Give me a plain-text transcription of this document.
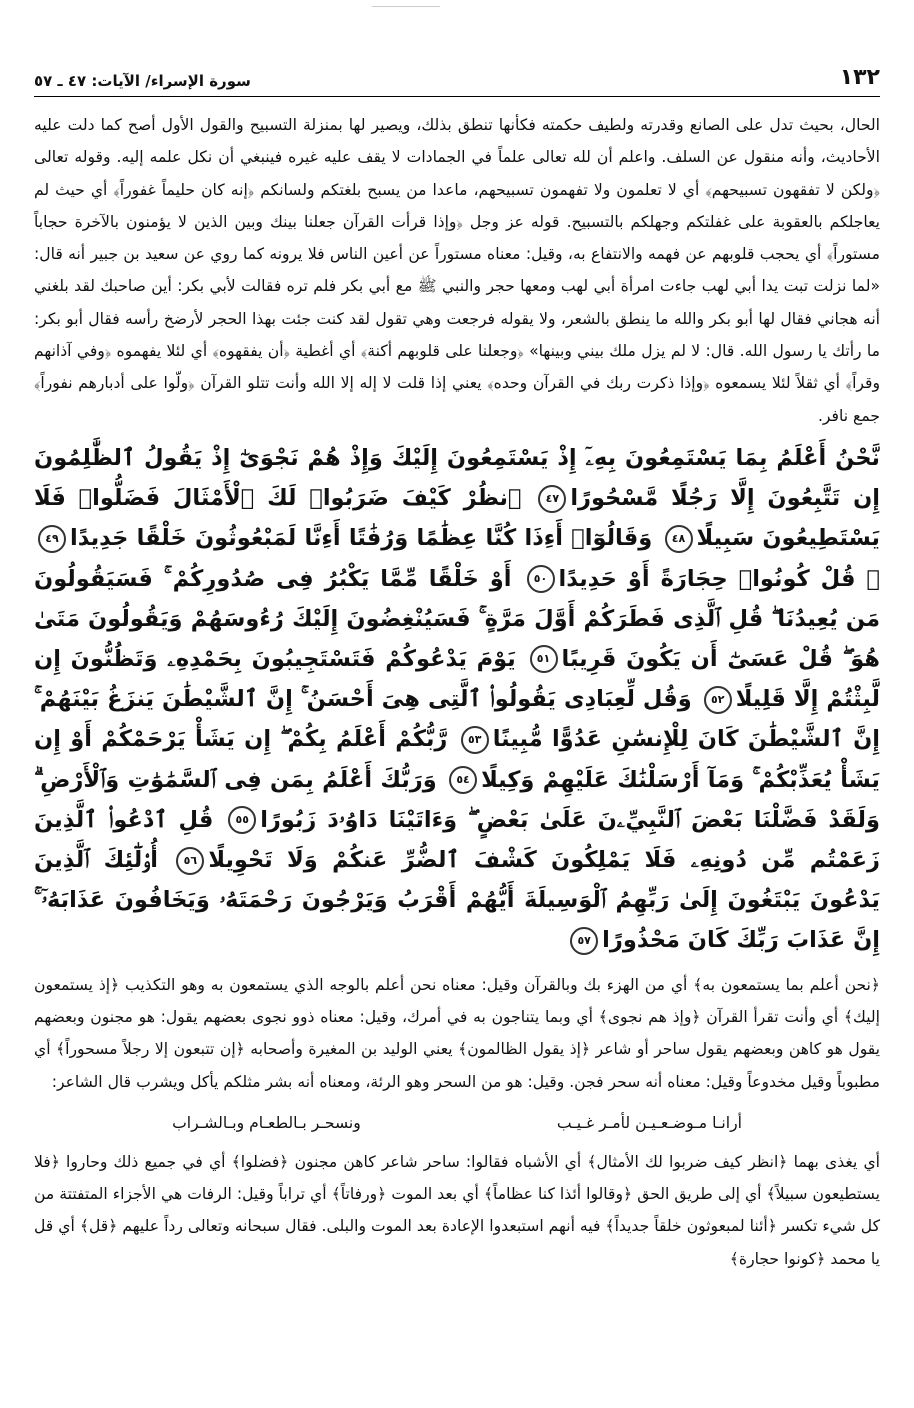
١٣٢
سورة الإسراء/ الآيات: ٤٧ ـ ٥٧

الحال، بحيث تدل على الصانع وقدرته ولطيف حكمته فكأنها تنطق بذلك، ويصير لها بمنزلة التسبيح والقول الأول أصح كما دلت عليه الأحاديث، وأنه منقول عن السلف. واعلم أن لله تعالى علماً في الجمادات لا يقف عليه غيره فينبغي أن نكل علمه إليه. وقوله تعالى ﴿ولكن لا تفقهون تسبيحهم﴾ أي لا تعلمون ولا تفهمون تسبيحهم، ماعدا من يسبح بلغتكم ولسانكم ﴿إنه كان حليماً غفوراً﴾ أي حيث لم يعاجلكم بالعقوبة على غفلتكم وجهلكم بالتسبيح. قوله عز وجل ﴿وإذا قرأت القرآن جعلنا بينك وبين الذين لا يؤمنون بالآخرة حجاباً مستوراً﴾ أي يحجب قلوبهم عن فهمه والانتفاع به، وقيل: معناه مستوراً عن أعين الناس فلا يرونه كما روي عن سعيد بن جبير أنه قال: «لما نزلت تبت يدا أبي لهب جاءت امرأة أبي لهب ومعها حجر والنبي ﷺ مع أبي بكر فلم تره فقالت لأبي بكر: أين صاحبك لقد بلغني أنه هجاني فقال لها أبو بكر والله ما ينطق بالشعر، ولا يقوله فرجعت وهي تقول لقد كنت جئت بهذا الحجر لأرضخ رأسه فقال أبو بكر: ما رأتك يا رسول الله. قال: لا لم يزل ملك بيني وبينها» ﴿وجعلنا على قلوبهم أكنة﴾ أي أغطية ﴿أن يفقهوه﴾ أي لئلا يفهموه ﴿وفي آذانهم وقراً﴾ أي ثقلاً لئلا يسمعوه ﴿وإذا ذكرت ربك في القرآن وحده﴾ يعني إذا قلت لا إله إلا الله وأنت تتلو القرآن ﴿ولّوا على أدبارهم نفوراً﴾ جمع نافر.

نَّحْنُ أَعْلَمُ بِمَا يَسْتَمِعُونَ بِهِۦٓ إِذْ يَسْتَمِعُونَ إِلَيْكَ وَإِذْ هُمْ نَجْوَىٰٓ إِذْ يَقُولُ ٱلظَّٰلِمُونَ إِن تَتَّبِعُونَ إِلَّا رَجُلًا مَّسْحُورًا٤٧ ٱنظُرْ كَيْفَ ضَرَبُوا۟ لَكَ ٱلْأَمْثَالَ فَضَلُّوا۟ فَلَا يَسْتَطِيعُونَ سَبِيلًا٤٨ وَقَالُوٓا۟ أَءِذَا كُنَّا عِظَٰمًا وَرُفَٰتًا أَءِنَّا لَمَبْعُوثُونَ خَلْقًا جَدِيدًا٤٩ ۞ قُلْ كُونُوا۟ حِجَارَةً أَوْ حَدِيدًا٥٠ أَوْ خَلْقًا مِّمَّا يَكْبُرُ فِى صُدُورِكُمْ ۚ فَسَيَقُولُونَ مَن يُعِيدُنَا ۖ قُلِ ٱلَّذِى فَطَرَكُمْ أَوَّلَ مَرَّةٍ ۚ فَسَيُنْغِضُونَ إِلَيْكَ رُءُوسَهُمْ وَيَقُولُونَ مَتَىٰ هُوَ ۖ قُلْ عَسَىٰٓ أَن يَكُونَ قَرِيبًا٥١ يَوْمَ يَدْعُوكُمْ فَتَسْتَجِيبُونَ بِحَمْدِهِۦ وَتَظُنُّونَ إِن لَّبِثْتُمْ إِلَّا قَلِيلًا٥٢ وَقُل لِّعِبَادِى يَقُولُوا۟ ٱلَّتِى هِىَ أَحْسَنُ ۚ إِنَّ ٱلشَّيْطَٰنَ يَنزَغُ بَيْنَهُمْ ۚ إِنَّ ٱلشَّيْطَٰنَ كَانَ لِلْإِنسَٰنِ عَدُوًّا مُّبِينًا٥٣ رَّبُّكُمْ أَعْلَمُ بِكُمْ ۖ إِن يَشَأْ يَرْحَمْكُمْ أَوْ إِن يَشَأْ يُعَذِّبْكُمْ ۚ وَمَآ أَرْسَلْنَٰكَ عَلَيْهِمْ وَكِيلًا٥٤ وَرَبُّكَ أَعْلَمُ بِمَن فِى ٱلسَّمَٰوَٰتِ وَٱلْأَرْضِ ۗ وَلَقَدْ فَضَّلْنَا بَعْضَ ٱلنَّبِيِّۦنَ عَلَىٰ بَعْضٍ ۖ وَءَاتَيْنَا دَاوُۥدَ زَبُورًا٥٥ قُلِ ٱدْعُوا۟ ٱلَّذِينَ زَعَمْتُم مِّن دُونِهِۦ فَلَا يَمْلِكُونَ كَشْفَ ٱلضُّرِّ عَنكُمْ وَلَا تَحْوِيلًا٥٦ أُو۟لَٰٓئِكَ ٱلَّذِينَ يَدْعُونَ يَبْتَغُونَ إِلَىٰ رَبِّهِمُ ٱلْوَسِيلَةَ أَيُّهُمْ أَقْرَبُ وَيَرْجُونَ رَحْمَتَهُۥ وَيَخَافُونَ عَذَابَهُۥٓ ۚ إِنَّ عَذَابَ رَبِّكَ كَانَ مَحْذُورًا٥٧

﴿نحن أعلم بما يستمعون به﴾ أي من الهزء بك وبالقرآن وقيل: معناه نحن أعلم بالوجه الذي يستمعون به وهو التكذيب ﴿إذ يستمعون إليك﴾ أي وأنت تقرأ القرآن ﴿وإذ هم نجوى﴾ أي وبما يتناجون به في أمرك، وقيل: معناه ذوو نجوى بعضهم يقول: هو مجنون وبعضهم يقول هو كاهن وبعضهم يقول ساحر أو شاعر ﴿إذ يقول الظالمون﴾ يعني الوليد بن المغيرة وأصحابه ﴿إن تتبعون إلا رجلاً مسحوراً﴾ أي مطبوباً وقيل مخدوعاً وقيل: معناه أنه سحر فجن. وقيل: هو من السحر وهو الرئة، ومعناه أنه بشر مثلكم يأكل ويشرب قال الشاعر:

أرانـا مـوضـعـيـن لأمـر غـيـب
ونسحـر بـالطعـام وبـالشـراب

أي يغذى بهما ﴿انظر كيف ضربوا لك الأمثال﴾ أي الأشباه فقالوا: ساحر شاعر كاهن مجنون ﴿فضلوا﴾ أي في جميع ذلك وحاروا ﴿فلا يستطيعون سبيلاً﴾ أي إلى طريق الحق ﴿وقالوا أئذا كنا عظاماً﴾ أي بعد الموت ﴿ورفاتاً﴾ أي تراباً وقيل: الرفات هي الأجزاء المتفتتة من كل شيء تكسر ﴿أئنا لمبعوثون خلقاً جديداً﴾ فيه أنهم استبعدوا الإعادة بعد الموت والبلى. فقال سبحانه وتعالى رداً عليهم ﴿قل﴾ أي قل يا محمد ﴿كونوا حجارة﴾
